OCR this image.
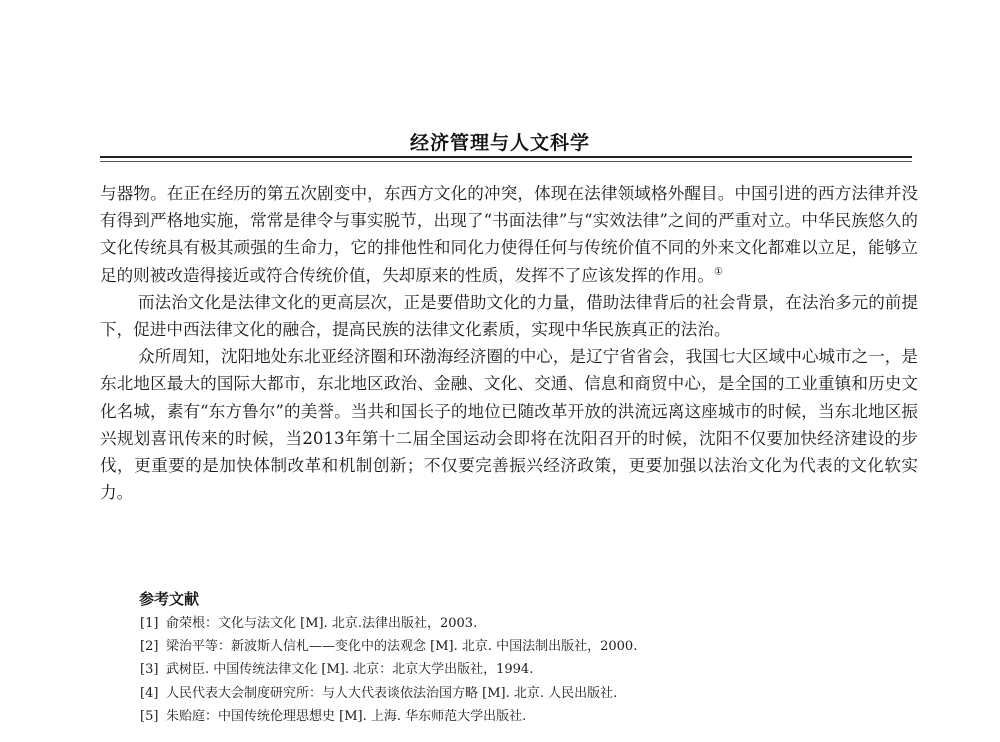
经济管理与人文科学

与器物。在正在经历的第五次剧变中，东西方文化的冲突，体现在法律领域格外醒目。中国引进的西方法律并没有得到严格地实施，常常是律令与事实脱节，出现了“书面法律”与“实效法律”之间的严重对立。中华民族悠久的文化传统具有极其顽强的生命力，它的排他性和同化力使得任何与传统价值不同的外来文化都难以立足，能够立足的则被改造得接近或符合传统价值，失却原来的性质，发挥不了应该发挥的作用。①

而法治文化是法律文化的更高层次，正是要借助文化的力量，借助法律背后的社会背景，在法治多元的前提下，促进中西法律文化的融合，提高民族的法律文化素质，实现中华民族真正的法治。

众所周知，沈阳地处东北亚经济圈和环渤海经济圈的中心，是辽宁省省会，我国七大区域中心城市之一，是东北地区最大的国际大都市，东北地区政治、金融、文化、交通、信息和商贸中心，是全国的工业重镇和历史文化名城，素有“东方鲁尔”的美誉。当共和国长子的地位已随改革开放的洪流远离这座城市的时候，当东北地区振兴规划喜讯传来的时候，当2013年第十二届全国运动会即将在沈阳召开的时候，沈阳不仅要加快经济建设的步伐，更重要的是加快体制改革和机制创新；不仅要完善振兴经济政策，更要加强以法治文化为代表的文化软实力。

参考文献
[1] 俞荣根：文化与法文化 [M]. 北京.法律出版社，2003.
[2] 梁治平等：新波斯人信札——变化中的法观念 [M]. 北京. 中国法制出版社，2000.
[3] 武树臣. 中国传统法律文化 [M]. 北京：北京大学出版社，1994.
[4] 人民代表大会制度研究所：与人大代表谈依法治国方略 [M]. 北京. 人民出版社.
[5] 朱贻庭：中国传统伦理思想史 [M]. 上海. 华东师范大学出版社.
